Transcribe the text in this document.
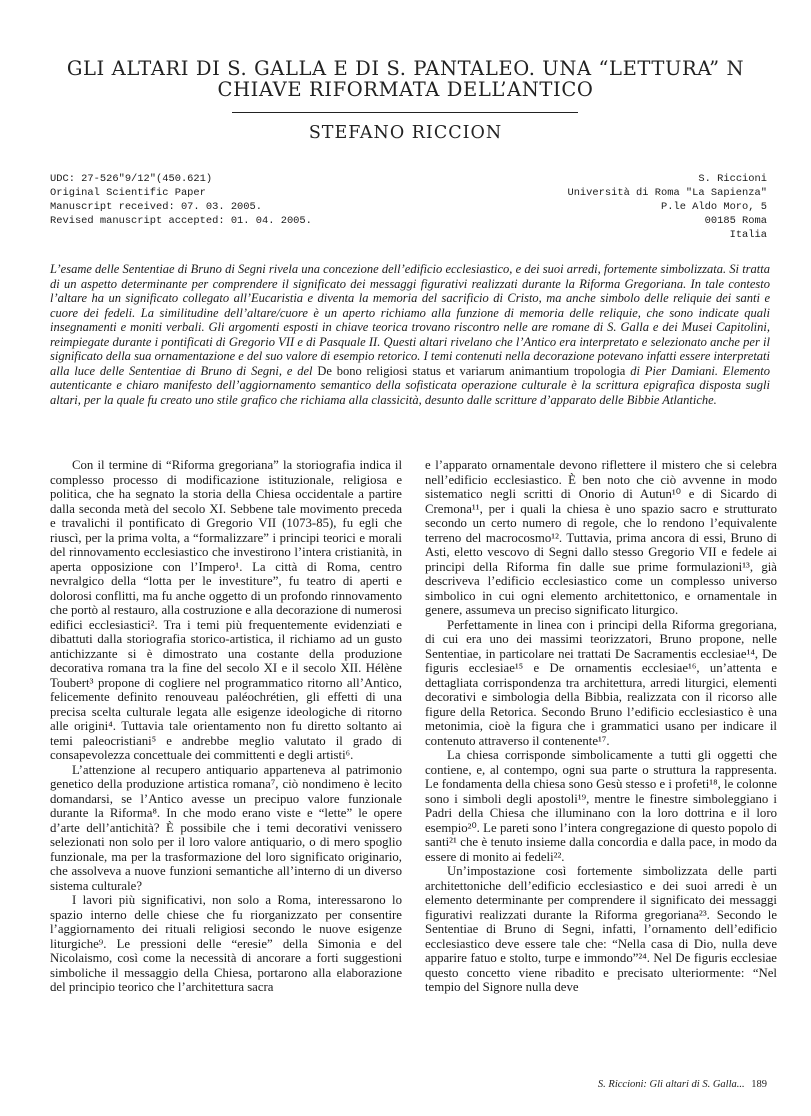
GLI ALTARI DI S. GALLA E DI S. PANTALEO. UNA “LETTURA” N CHIAVE RIFORMATA DELL’ANTICO
STEFANO RICCION
UDC: 27-526"9/12"(450.621)
Original Scientific Paper
Manuscript received: 07. 03. 2005.
Revised manuscript accepted: 01. 04. 2005.
S. Riccioni
Università di Roma "La Sapienza"
P.le Aldo Moro, 5
00185 Roma
Italia
L’esame delle Sententiae di Bruno di Segni rivela una concezione dell’edificio ecclesiastico, e dei suoi arredi, fortemente simbolizzata. Si tratta di un aspetto determinante per comprendere il significato dei messaggi figurativi realizzati durante la Riforma Gregoriana. In tale contesto l’altare ha un significato collegato all’Eucaristia e diventa la memoria del sacrificio di Cristo, ma anche simbolo delle reliquie dei santi e cuore dei fedeli. La similitudine dell’altare/cuore è un aperto richiamo alla funzione di memoria delle reliquie, che sono indicate quali insegnamenti e moniti verbali. Gli argomenti esposti in chiave teorica trovano riscontro nelle are romane di S. Galla e dei Musei Capitolini, reimpiegate durante i pontificati di Gregorio VII e di Pasquale II. Questi altari rivelano che l’Antico era interpretato e selezionato anche per il significato della sua ornamentazione e del suo valore di esempio retorico. I temi contenuti nella decorazione potevano infatti essere interpretati alla luce delle Sententiae di Bruno di Segni, e del De bono religiosi status et variarum animantium tropologia di Pier Damiani. Elemento autenticante e chiaro manifesto dell’aggiornamento semantico della sofisticata operazione culturale è la scrittura epigrafica disposta sugli altari, per la quale fu creato uno stile grafico che richiama alla classicità, desunto dalle scritture d’apparato delle Bibbie Atlantiche.

Con il termine di “Riforma gregoriana” la storiografia indica il complesso processo di modificazione istituzionale, religiosa e politica, che ha segnato la storia della Chiesa occidentale a partire dalla seconda metà del secolo XI. Sebbene tale movimento preceda e travalichi il pontificato di Gregorio VII (1073-85), fu egli che riuscì, per la prima volta, a “formalizzare” i principi teorici e morali del rinnovamento ecclesiastico che investirono l’intera cristianità, in aperta opposizione con l’Impero¹. La città di Roma, centro nevralgico della “lotta per le investiture”, fu teatro di aperti e dolorosi conflitti, ma fu anche oggetto di un profondo rinnovamento che portò al restauro, alla costruzione e alla decorazione di numerosi edifici ecclesiastici². Tra i temi più frequentemente evidenziati e dibattuti dalla storiografia storico-artistica, il richiamo ad un gusto antichizzante si è dimostrato una costante della produzione decorativa romana tra la fine del secolo XI e il secolo XII. Hélène Toubert³ propone di cogliere nel programmatico ritorno all’Antico, felicemente definito renouveau paléochrétien, gli effetti di una precisa scelta culturale legata alle esigenze ideologiche di ritorno alle origini⁴. Tuttavia tale orientamento non fu diretto soltanto ai temi paleocristiani⁵ e andrebbe meglio valutato il grado di consapevolezza concettuale dei committenti e degli artisti⁶.

L’attenzione al recupero antiquario apparteneva al patrimonio genetico della produzione artistica romana⁷, ciò nondimeno è lecito domandarsi, se l’Antico avesse un precipuo valore funzionale durante la Riforma⁸. In che modo erano viste e “lette” le opere d’arte dell’antichità? È possibile che i temi decorativi venissero selezionati non solo per il loro valore antiquario, o di mero spoglio funzionale, ma per la trasformazione del loro significato originario, che assolveva a nuove funzioni semantiche all’interno di un diverso sistema culturale?

I lavori più significativi, non solo a Roma, interessarono lo spazio interno delle chiese che fu riorganizzato per consentire l’aggiornamento dei rituali religiosi secondo le nuove esigenze liturgiche⁹. Le pressioni delle “eresie” della Simonia e del Nicolaismo, così come la necessità di ancorare a forti suggestioni simboliche il messaggio della Chiesa, portarono alla elaborazione del principio teorico che l’architettura sacra

e l’apparato ornamentale devono riflettere il mistero che si celebra nell’edificio ecclesiastico. È ben noto che ciò avvenne in modo sistematico negli scritti di Onorio di Autun¹⁰ e di Sicardo di Cremona¹¹, per i quali la chiesa è uno spazio sacro e strutturato secondo un certo numero di regole, che lo rendono l’equivalente terreno del macrocosmo¹². Tuttavia, prima ancora di essi, Bruno di Asti, eletto vescovo di Segni dallo stesso Gregorio VII e fedele ai principi della Riforma fin dalle sue prime formulazioni¹³, già descriveva l’edificio ecclesiastico come un complesso universo simbolico in cui ogni elemento architettonico, e ornamentale in genere, assumeva un preciso significato liturgico.

Perfettamente in linea con i principi della Riforma gregoriana, di cui era uno dei massimi teorizzatori, Bruno propone, nelle Sententiae, in particolare nei trattati De Sacramentis ecclesiae¹⁴, De figuris ecclesiae¹⁵ e De ornamentis ecclesiae¹⁶, un’attenta e dettagliata corrispondenza tra architettura, arredi liturgici, elementi decorativi e simbologia della Bibbia, realizzata con il ricorso alle figure della Retorica. Secondo Bruno l’edificio ecclesiastico è una metonimia, cioè la figura che i grammatici usano per indicare il contenuto attraverso il contenente¹⁷.

La chiesa corrisponde simbolicamente a tutti gli oggetti che contiene, e, al contempo, ogni sua parte o struttura la rappresenta. Le fondamenta della chiesa sono Gesù stesso e i profeti¹⁸, le colonne sono i simboli degli apostoli¹⁹, mentre le finestre simboleggiano i Padri della Chiesa che illuminano con la loro dottrina e il loro esempio²⁰. Le pareti sono l’intera congregazione di questo popolo di santi²¹ che è tenuto insieme dalla concordia e dalla pace, in modo da essere di monito ai fedeli²².

Un’impostazione così fortemente simbolizzata delle parti architettoniche dell’edificio ecclesiastico e dei suoi arredi è un elemento determinante per comprendere il significato dei messaggi figurativi realizzati durante la Riforma gregoriana²³. Secondo le Sententiae di Bruno di Segni, infatti, l’ornamento dell’edificio ecclesiastico deve essere tale che: “Nella casa di Dio, nulla deve apparire fatuo e stolto, turpe e immondo”²⁴. Nel De figuris ecclesiae questo concetto viene ribadito e precisato ulteriormente: “Nel tempio del Signore nulla deve

S. Riccioni: Gli altari di S. Galla... 189
